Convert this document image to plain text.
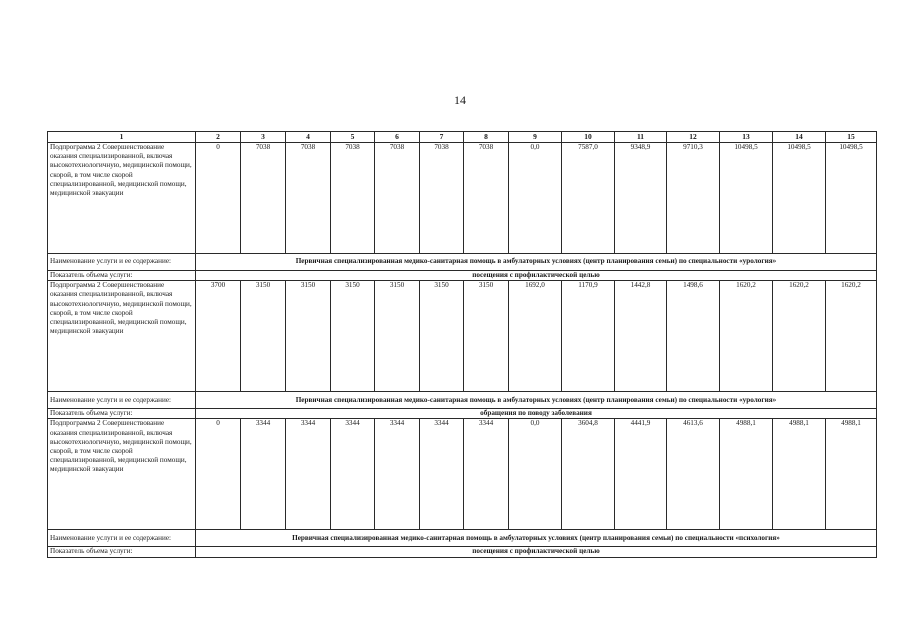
14
1	2	3	4	5	6	7	8	9	10	11	12	13	14	15
Подпрограмма 2 Совершенствование оказания специализированной, включая высокотехнологичную, медицинской помощи, скорой, в том числе скорой специализированной, медицинской помощи, медицинской эвакуации	0	7038	7038	7038	7038	7038	7038	0,0	7587,0	9348,9	9710,3	10498,5	10498,5	10498,5
Наименование услуги и ее содержание:	Первичная специализированная медико-санитарная помощь в амбулаторных условиях (центр планирования семьи) по специальности «урология»													
Показатель объема услуги:	посещения с профилактической целью													
Подпрограмма 2 Совершенствование оказания специализированной, включая высокотехнологичную, медицинской помощи, скорой, в том числе скорой специализированной, медицинской помощи, медицинской эвакуации	3700	3150	3150	3150	3150	3150	3150	1692,0	1170,9	1442,8	1498,6	1620,2	1620,2	1620,2
Наименование услуги и ее содержание:	Первичная специализированная медико-санитарная помощь в амбулаторных условиях (центр планирования семьи) по специальности «урология»													
Показатель объема услуги:	обращения по поводу заболевания													
Подпрограмма 2 Совершенствование оказания специализированной, включая высокотехнологичную, медицинской помощи, скорой, в том числе скорой специализированной, медицинской помощи, медицинской эвакуации	0	3344	3344	3344	3344	3344	3344	0,0	3604,8	4441,9	4613,6	4988,1	4988,1	4988,1
Наименование услуги и ее содержание:	Первичная специализированная медико-санитарная помощь в амбулаторных условиях (центр планирования семьи) по специальности «психология»													
Показатель объема услуги:	посещения с профилактической целью													
